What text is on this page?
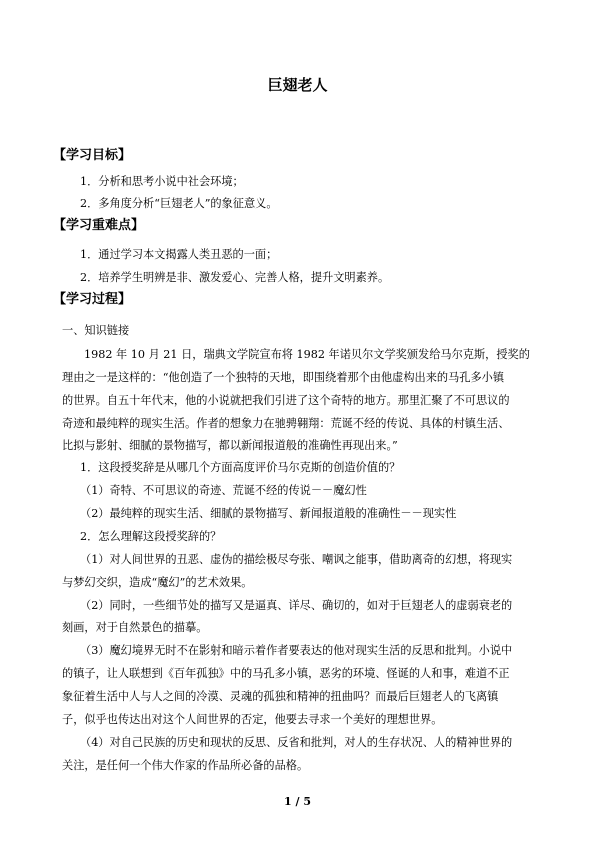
巨翅老人
【学习目标】
1．分析和思考小说中社会环境；
2．多角度分析“巨翅老人”的象征意义。
【学习重难点】
1．通过学习本文揭露人类丑恶的一面；
2．培养学生明辨是非、激发爱心、完善人格，提升文明素养。
【学习过程】
一、知识链接
1982 年 10 月 21 日，瑞典文学院宣布将 1982 年诺贝尔文学奖颁发给马尔克斯，授奖的
理由之一是这样的：“他创造了一个独特的天地，即围绕着那个由他虚构出来的马孔多小镇
的世界。自五十年代末，他的小说就把我们引进了这个奇特的地方。那里汇聚了不可思议的
奇迹和最纯粹的现实生活。作者的想象力在驰骋翱翔：荒诞不经的传说、具体的村镇生活、
比拟与影射、细腻的景物描写，都以新闻报道般的准确性再现出来。”
1．这段授奖辞是从哪几个方面高度评价马尔克斯的创造价值的？
（1）奇特、不可思议的奇迹、荒诞不经的传说－－魔幻性
（2）最纯粹的现实生活、细腻的景物描写、新闻报道般的准确性－－现实性
2．怎么理解这段授奖辞的？
（1）对人间世界的丑恶、虚伪的描绘极尽夸张、嘲讽之能事，借助离奇的幻想，将现实
与梦幻交织，造成“魔幻”的艺术效果。
（2）同时，一些细节处的描写又是逼真、详尽、确切的，如对于巨翅老人的虚弱衰老的
刻画，对于自然景色的描摹。
（3）魔幻境界无时不在影射和暗示着作者要表达的他对现实生活的反思和批判。小说中
的镇子，让人联想到《百年孤独》中的马孔多小镇，恶劣的环境、怪诞的人和事，难道不正
象征着生活中人与人之间的冷漠、灵魂的孤独和精神的扭曲吗？而最后巨翅老人的飞离镇
子，似乎也传达出对这个人间世界的否定，他要去寻求一个美好的理想世界。
（4）对自己民族的历史和现状的反思、反省和批判，对人的生存状况、人的精神世界的
关注，是任何一个伟大作家的作品所必备的品格。
1 / 5
